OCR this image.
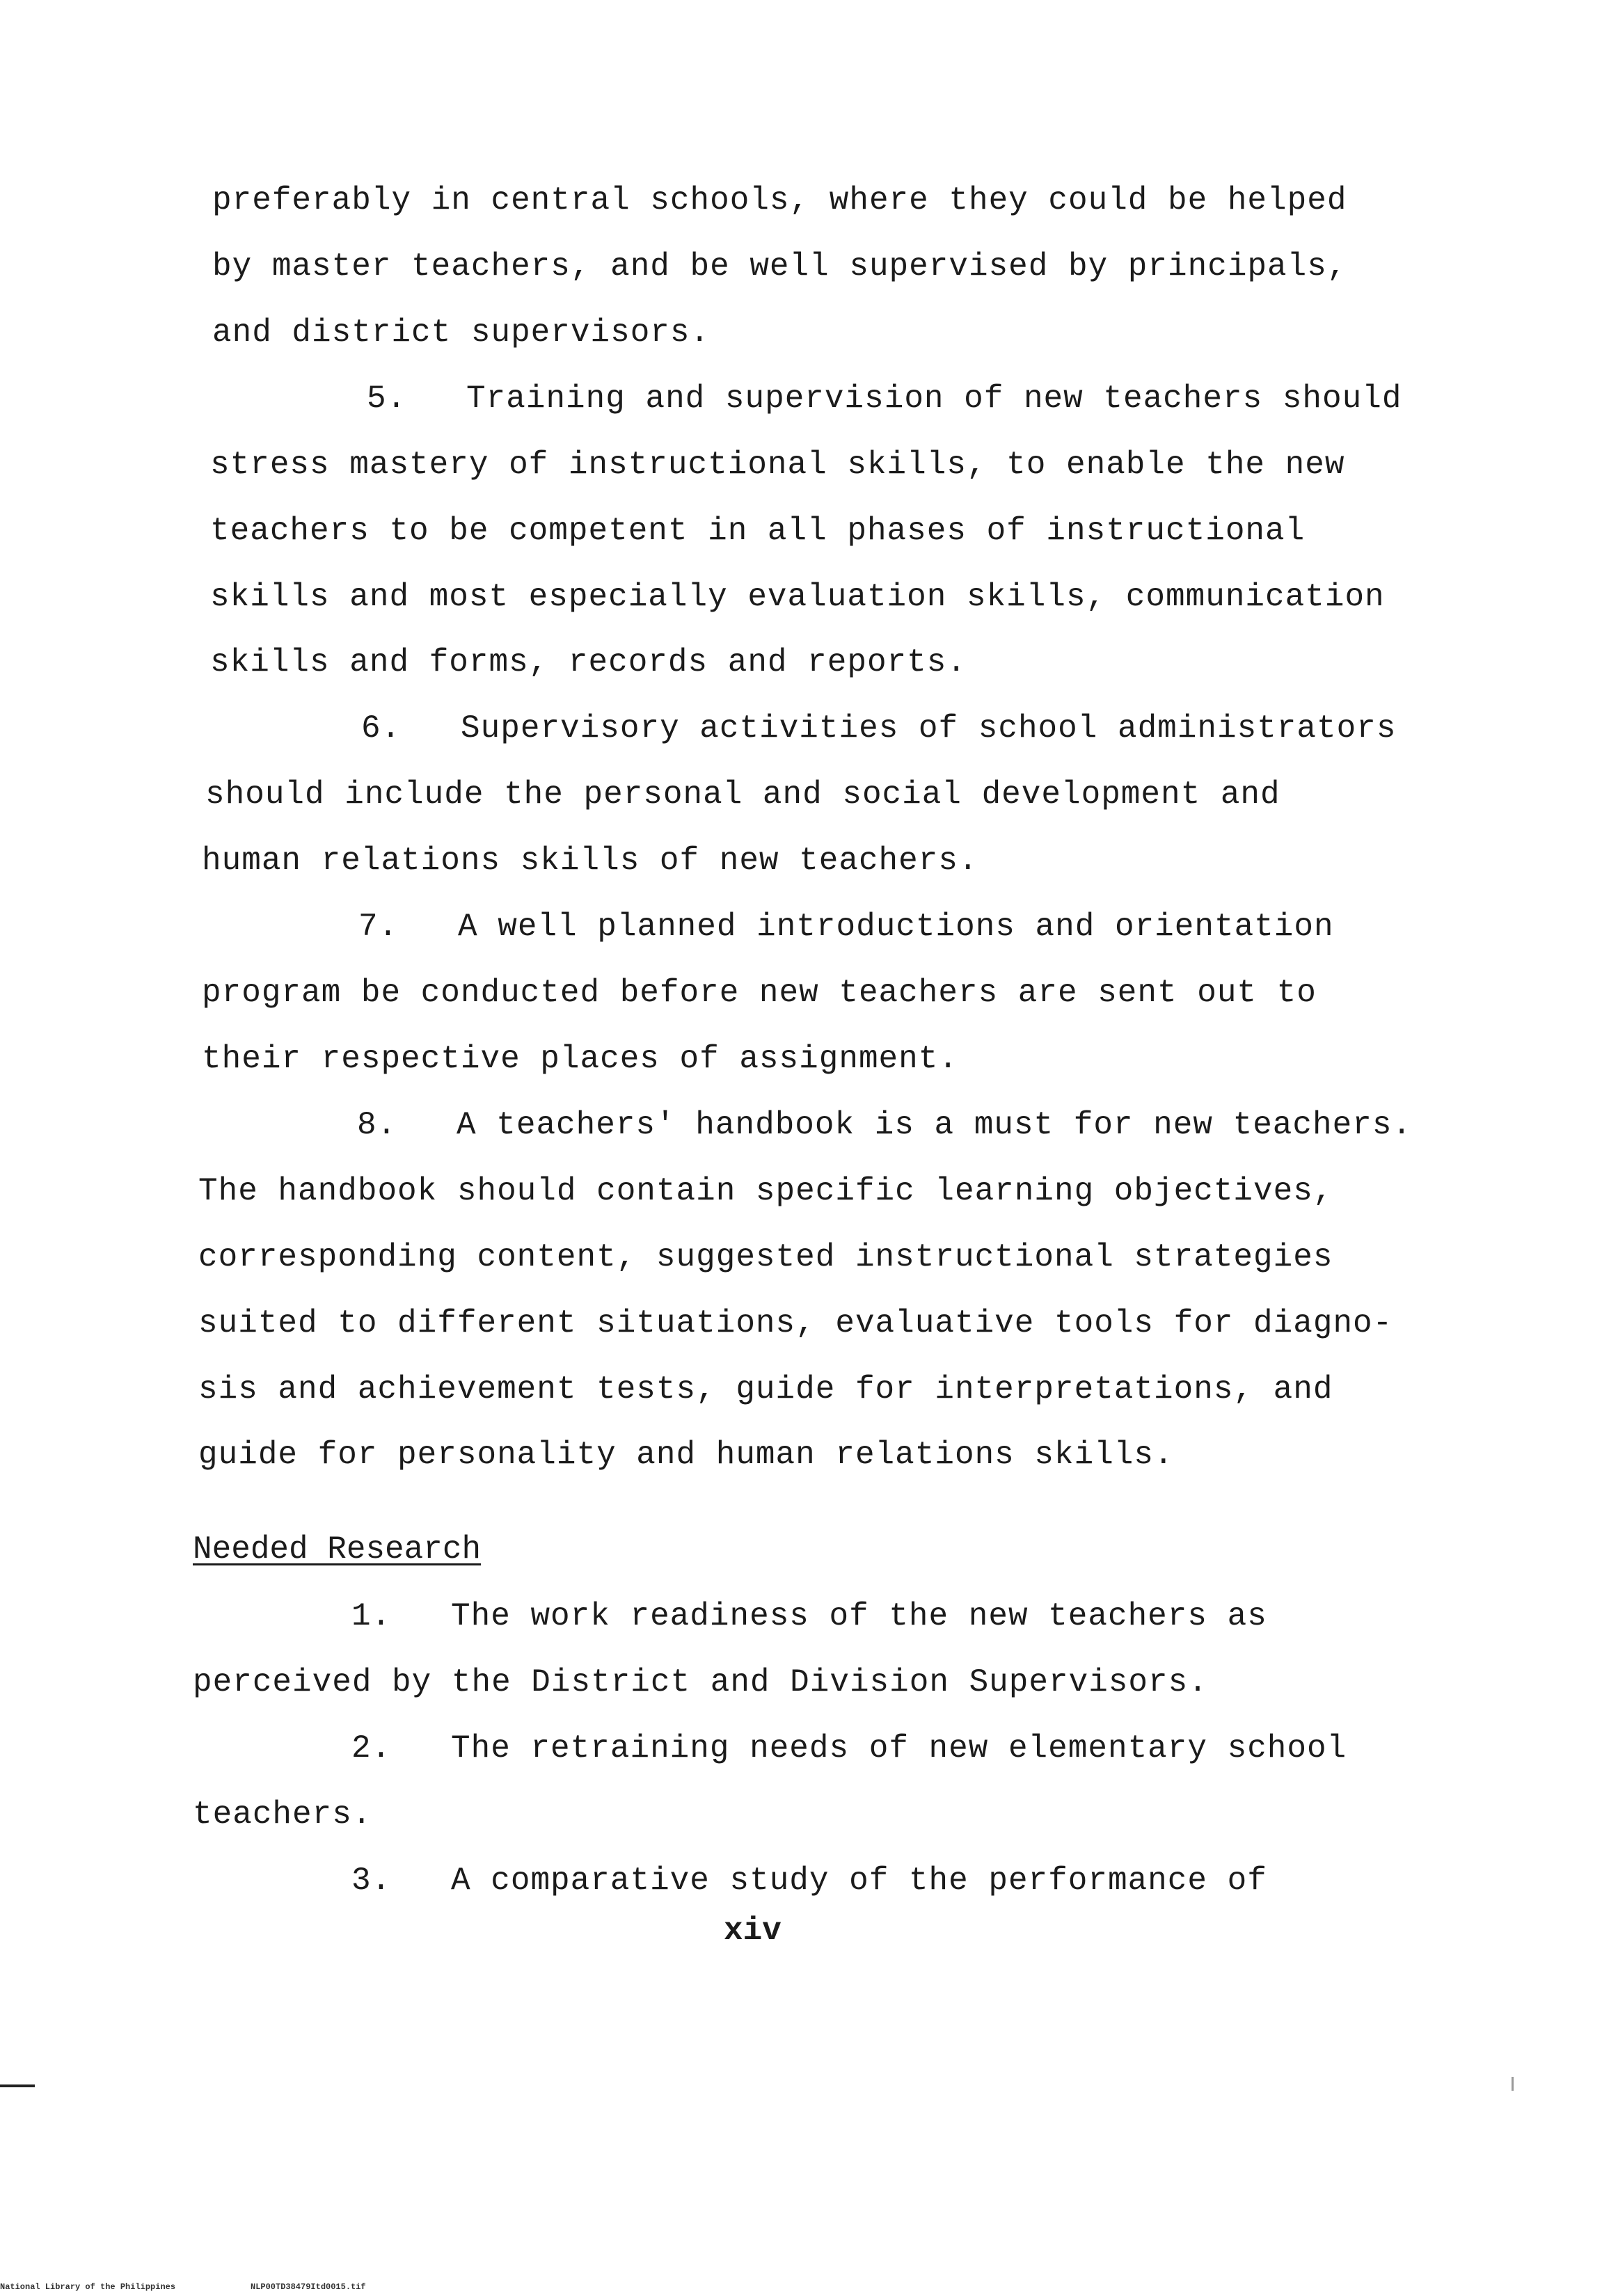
preferably in central schools, where they could be helped
by master teachers, and be well supervised by principals,
and district supervisors.
5.   Training and supervision of new teachers should
stress mastery of instructional skills, to enable the new
teachers to be competent in all phases of instructional
skills and most especially evaluation skills, communication
skills and forms, records and reports.
6.   Supervisory activities of school administrators
should include the personal and social development and
human relations skills of new teachers.
7.   A well planned introductions and orientation
program be conducted before new teachers are sent out to
their respective places of assignment.
8.   A teachers' handbook is a must for new teachers.
The handbook should contain specific learning objectives,
corresponding content, suggested instructional strategies
suited to different situations, evaluative tools for diagno-
sis and achievement tests, guide for interpretations, and
guide for personality and human relations skills.
Needed Research
1.   The work readiness of the new teachers as
perceived by the District and Division Supervisors.
2.   The retraining needs of new elementary school
teachers.
3.   A comparative study of the performance of
xiv
National Library of the Philippines	NLP00TD38479Itd0015.tif
